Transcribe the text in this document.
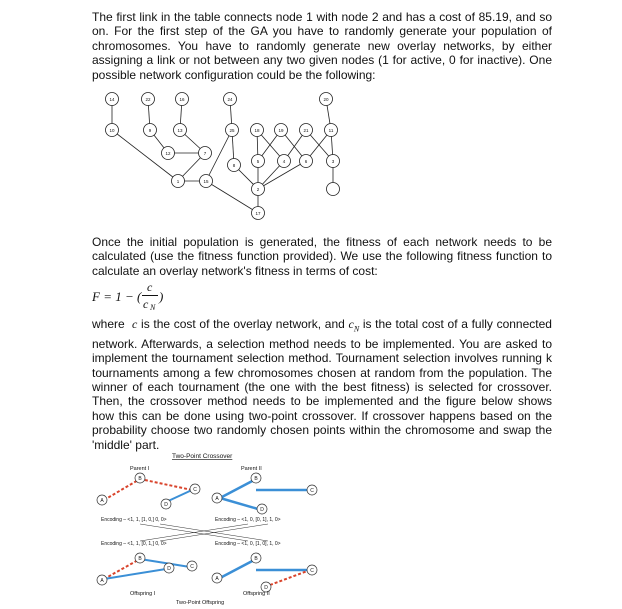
The first link in the table connects node 1 with node 2 and has a cost of 85.19, and so on. For the first step of the GA you have to randomly generate your population of chromosomes. You have to randomly generate new overlay networks, by either assigning a link or not between any two given nodes (1 for active, 0 for inactive). One possible network configuration could be the following:

14	22	16	24	20
10	9	13	25	18	19	21	11
12	7
5	4	6
1	15
8
3
2
17

Once the initial population is generated, the fitness of each network needs to be calculated (use the fitness function provided). We use the following fitness function to calculate an overlay network's fitness in terms of cost:

F = 1 − (
c
c N
)

where c is the cost of the overlay network, and $c_N$ is the total cost of a fully connected network. Afterwards, a selection method needs to be implemented. You are asked to implement the tournament selection method. Tournament selection involves running k tournaments among a few chromosomes chosen at random from the population. The winner of each tournament (the one with the best fitness) is selected for crossover. Then, the crossover method needs to be implemented and the figure below shows how this can be done using two-point crossover. If crossover happens based on the probability choose two randomly chosen points within the chromosome and swap the 'middle' part.

Two-Point Crossover
Parent I	Parent II
A
B
C
D
A
B
C
D
Encoding – <1, 1, [1, 0,] 0, 0>	Encoding – <1, 0, [0, 1], 1, 0>
Encoding – <1, 1, [0, 1,] 0, 0>	Encoding – <1, 0, [1, 0], 1, 0>
A
B
C
D
A
B
C
D
Offspring I	Offspring II
Two-Point Offspring
